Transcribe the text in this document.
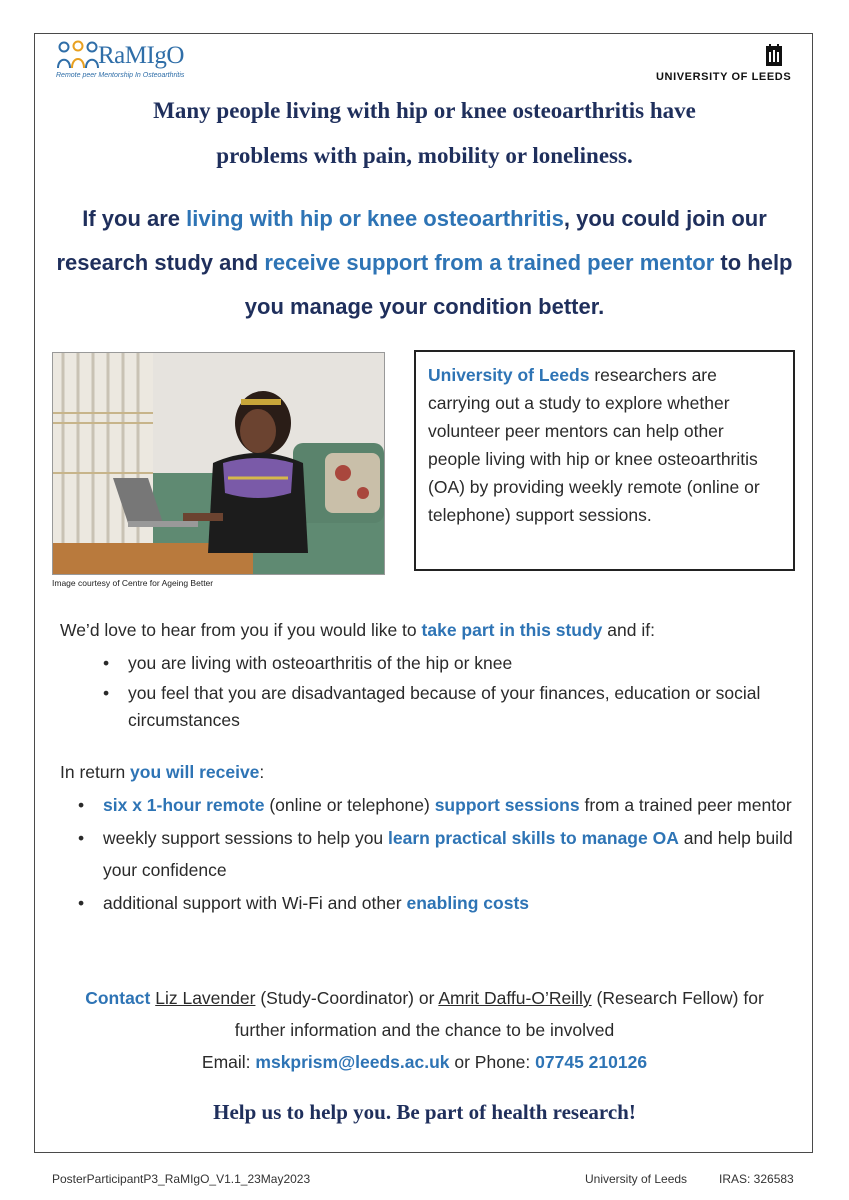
RaMIgO
Remote peer Mentorship In Osteoarthritis	UNIVERSITY OF LEEDS
Many people living with hip or knee osteoarthritis have
problems with pain, mobility or loneliness.
If you are living with hip or knee osteoarthritis, you could join our research study and receive support from a trained peer mentor to help you manage your condition better.
Image courtesy of Centre for Ageing Better
University of Leeds researchers are carrying out a study to explore whether volunteer peer mentors can help other people living with hip or knee osteoarthritis (OA) by providing weekly remote (online or telephone) support sessions.
We’d love to hear from you if you would like to take part in this study and if:
• you are living with osteoarthritis of the hip or knee
• you feel that you are disadvantaged because of your finances, education or social circumstances
In return you will receive:
• six x 1-hour remote (online or telephone) support sessions from a trained peer mentor
• weekly support sessions to help you learn practical skills to manage OA and help build your confidence
• additional support with Wi-Fi and other enabling costs
Contact Liz Lavender (Study-Coordinator) or Amrit Daffu-O’Reilly (Research Fellow) for further information and the chance to be involved
Email: mskprism@leeds.ac.uk or Phone: 07745 210126
Help us to help you. Be part of health research!
PosterParticipantP3_RaMIgO_V1.1_23May2023	University of Leeds	IRAS: 326583
